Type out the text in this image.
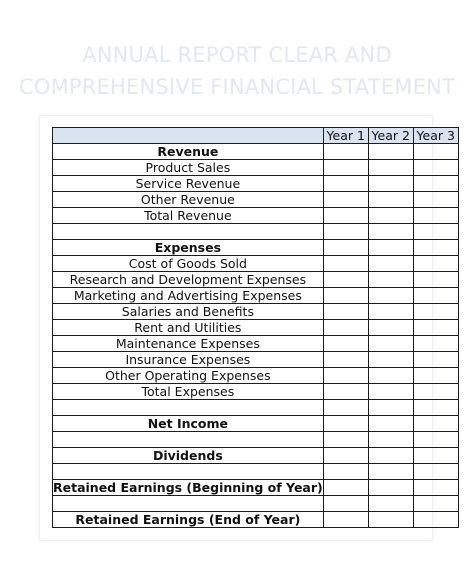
ANNUAL REPORT CLEAR AND
COMPREHENSIVE FINANCIAL STATEMENT
	Year 1	Year 2	Year 3
Revenue			
Product Sales			
Service Revenue			
Other Revenue			
Total Revenue			

Expenses			
Cost of Goods Sold			
Research and Development Expenses			
Marketing and Advertising Expenses			
Salaries and Benefits			
Rent and Utilities			
Maintenance Expenses			
Insurance Expenses			
Other Operating Expenses			
Total Expenses			

Net Income			

Dividends			

Retained Earnings (Beginning of Year)			

Retained Earnings (End of Year)			
